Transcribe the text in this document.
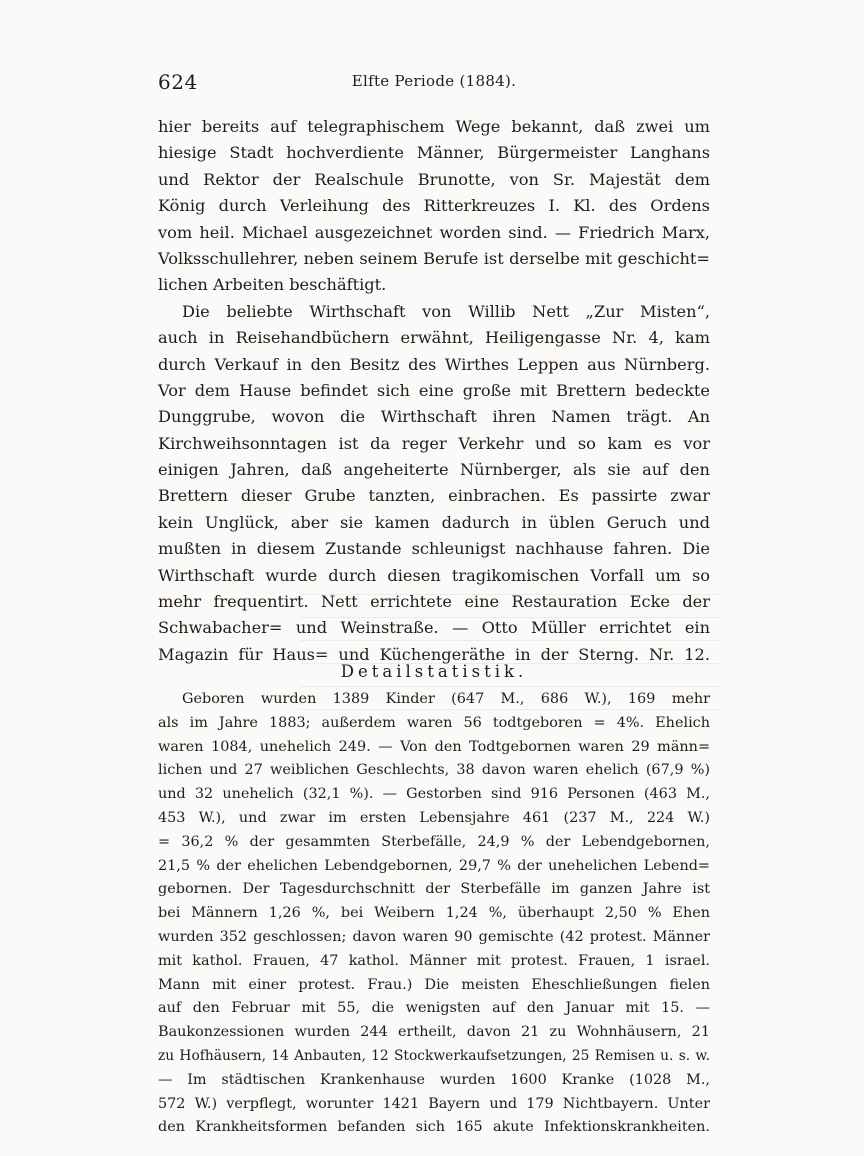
624	Elfte Periode (1884).
hier bereits auf telegraphischem Wege bekannt, daß zwei um
hiesige Stadt hochverdiente Männer, Bürgermeister Langhans
und Rektor der Realschule Brunotte, von Sr. Majestät dem
König durch Verleihung des Ritterkreuzes I. Kl. des Ordens
vom heil. Michael ausgezeichnet worden sind. — Friedrich Marx,
Volksschullehrer, neben seinem Berufe ist derselbe mit geschicht=
lichen Arbeiten beschäftigt.
Die beliebte Wirthschaft von Willib Nett „Zur Misten“,
auch in Reisehandbüchern erwähnt, Heiligengasse Nr. 4, kam
durch Verkauf in den Besitz des Wirthes Leppen aus Nürnberg.
Vor dem Hause befindet sich eine große mit Brettern bedeckte
Dunggrube, wovon die Wirthschaft ihren Namen trägt. An
Kirchweihsonntagen ist da reger Verkehr und so kam es vor
einigen Jahren, daß angeheiterte Nürnberger, als sie auf den
Brettern dieser Grube tanzten, einbrachen. Es passirte zwar
kein Unglück, aber sie kamen dadurch in üblen Geruch und
mußten in diesem Zustande schleunigst nachhause fahren. Die
Wirthschaft wurde durch diesen tragikomischen Vorfall um so
mehr frequentirt. Nett errichtete eine Restauration Ecke der
Schwabacher= und Weinstraße. — Otto Müller errichtet ein
Magazin für Haus= und Küchengeräthe in der Sterng. Nr. 12.
Detailstatistik.
Geboren wurden 1389 Kinder (647 M., 686 W.), 169 mehr
als im Jahre 1883; außerdem waren 56 todtgeboren = 4%. Ehelich
waren 1084, unehelich 249. — Von den Todtgebornen waren 29 männ=
lichen und 27 weiblichen Geschlechts, 38 davon waren ehelich (67,9 %)
und 32 unehelich (32,1 %). — Gestorben sind 916 Personen (463 M.,
453 W.), und zwar im ersten Lebensjahre 461 (237 M., 224 W.)
= 36,2 % der gesammten Sterbefälle, 24,9 % der Lebendgebornen,
21,5 % der ehelichen Lebendgebornen, 29,7 % der unehelichen Lebend=
gebornen. Der Tagesdurchschnitt der Sterbefälle im ganzen Jahre ist
bei Männern 1,26 %, bei Weibern 1,24 %, überhaupt 2,50 % Ehen
wurden 352 geschlossen; davon waren 90 gemischte (42 protest. Männer
mit kathol. Frauen, 47 kathol. Männer mit protest. Frauen, 1 israel.
Mann mit einer protest. Frau.) Die meisten Eheschließungen fielen
auf den Februar mit 55, die wenigsten auf den Januar mit 15. —
Baukonzessionen wurden 244 ertheilt, davon 21 zu Wohnhäusern, 21
zu Hofhäusern, 14 Anbauten, 12 Stockwerkaufsetzungen, 25 Remisen u. s. w.
— Im städtischen Krankenhause wurden 1600 Kranke (1028 M.,
572 W.) verpflegt, worunter 1421 Bayern und 179 Nichtbayern. Unter
den Krankheitsformen befanden sich 165 akute Infektionskrankheiten.
